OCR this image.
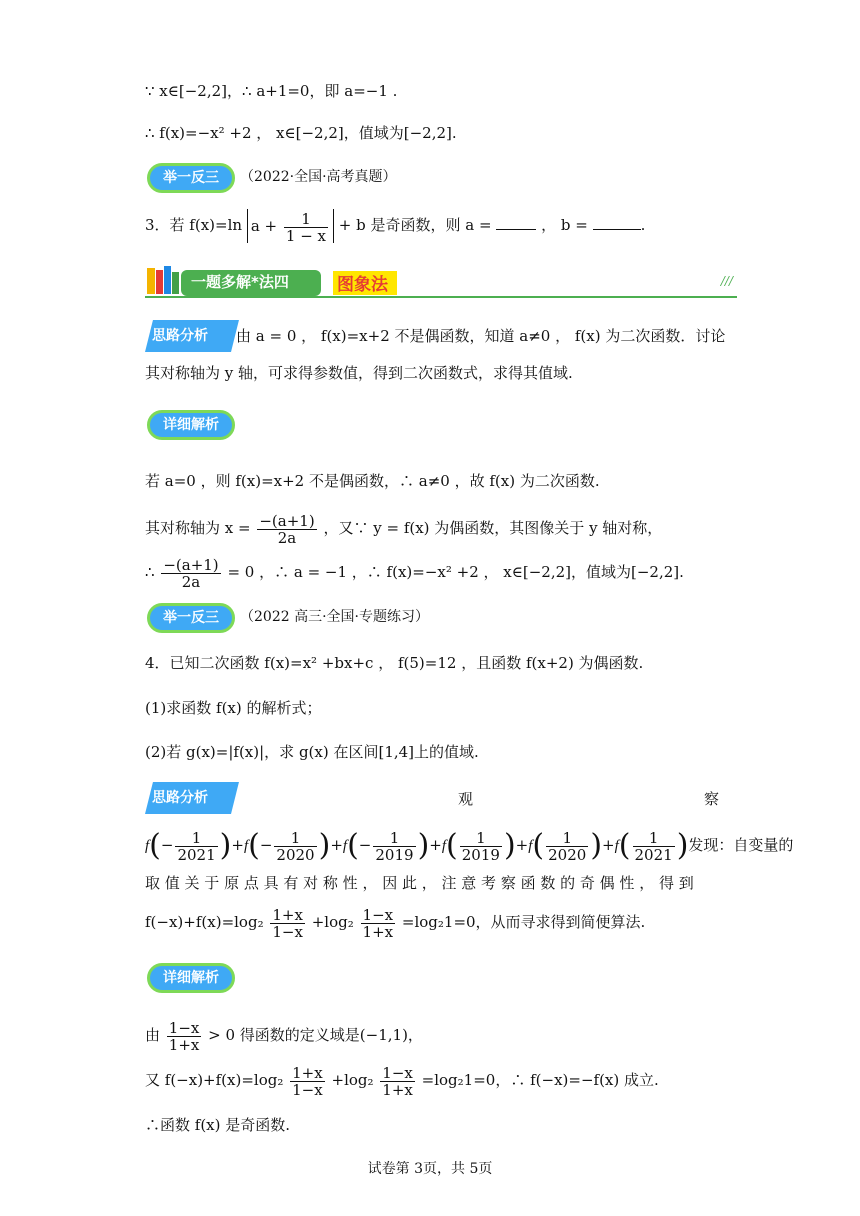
∵ x∈[−2,2]，∴ a+1=0，即 a=−1 .
∴ f(x)=−x² +2 ， x∈[−2,2]，值域为[−2,2].
举一反三	（2022·全国·高考真题）
3．若 f(x)=ln $a + \frac{1}{1 - x} + b$ 是奇函数，则 a =	， b =	.
一题多解*法四	图象法	///
思路分析 由 a = 0 ， f(x)=x+2 不是偶函数，知道 a≠0 ， f(x) 为二次函数．讨论
其对称轴为 y 轴，可求得参数值，得到二次函数式，求得其值域.
详细解析
若 a=0 ，则 f(x)=x+2 不是偶函数，∴ a≠0 ，故 f(x) 为二次函数.
其对称轴为 $x = \frac{-(a+1)}{2a}$ ，又∵ y = f(x) 为偶函数，其图像关于 y 轴对称，
∴ $\frac{-(a+1)}{2a} = 0$ ，∴ a = −1 ，∴ f(x)=−x² +2 ， x∈[−2,2]，值域为[−2,2].
举一反三	（2022 高三·全国·专题练习）
4．已知二次函数 f(x)=x² +bx+c ， f(5)=12 ，且函数 f(x+2) 为偶函数.
(1)求函数 f(x) 的解析式；
(2)若 g(x)=|f(x)|，求 g(x) 在区间[1,4]上的值域.
思路分析	观	察
$f(- \frac{1}{2021} )+f(- \frac{1}{2020} )+f(- \frac{1}{2019} )+f( \frac{1}{2019} )+f( \frac{1}{2020} )+f( \frac{1}{2021}$ )发现：自变量的
取 值 关 于 原 点 具 有 对 称 性 ， 因 此 ， 注 意 考 察 函 数 的 奇 偶 性 ， 得 到
$f(-x)+f(x)=\log_2 \frac{1+x}{1-x} +\log_2 \frac{1-x}{1+x} =\log_21=0$，从而寻求得到简便算法.
详细解析
由 $\frac{1-x}{1+x} > 0$ 得函数的定义域是(−1,1)，
又 $f(-x)+f(x)=\log_2 \frac{1+x}{1-x} +\log_2 \frac{1-x}{1+x} =\log_21=0$，∴ f(−x)=−f(x) 成立.
∴函数 f(x) 是奇函数.
试卷第 3页，共 5页
